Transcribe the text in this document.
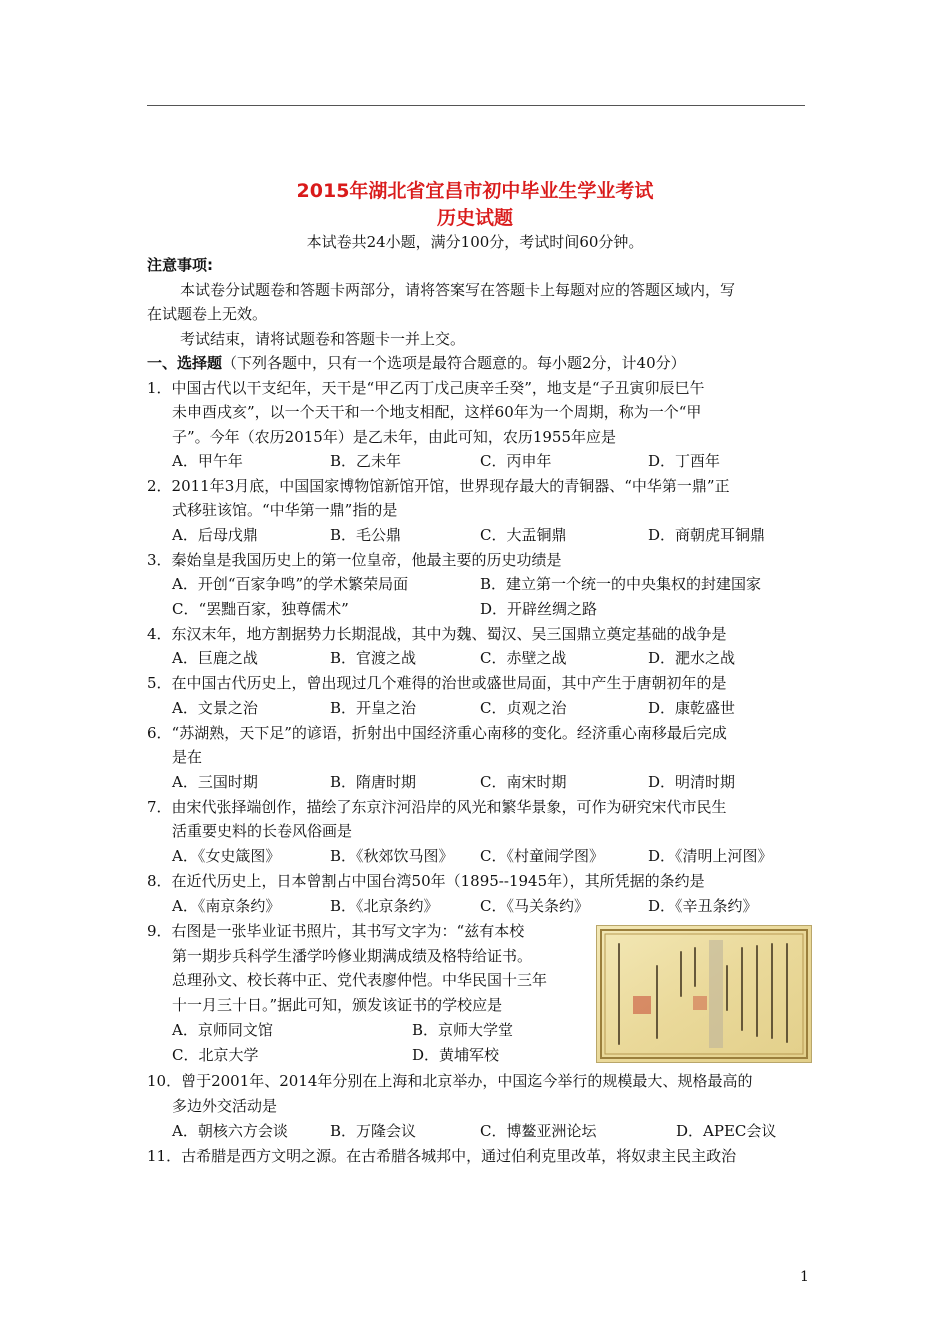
2015年湖北省宜昌市初中毕业生学业考试
历史试题
本试卷共24小题，满分100分，考试时间60分钟。
注意事项:
本试卷分试题卷和答题卡两部分，请将答案写在答题卡上每题对应的答题区域内，写
在试题卷上无效。
考试结束，请将试题卷和答题卡一并上交。
一、选择题（下列各题中，只有一个选项是最符合题意的。每小题2分，计40分）
1．中国古代以干支纪年，天干是“甲乙丙丁戊己庚辛壬癸”，地支是“子丑寅卯辰巳午
未申酉戌亥”，以一个天干和一个地支相配，这样60年为一个周期，称为一个“甲
子”。今年（农历2015年）是乙未年，由此可知，农历1955年应是
A．甲午年	B．乙未年	C．丙申年	D．丁酉年
2．2011年3月底，中国国家博物馆新馆开馆，世界现存最大的青铜器、“中华第一鼎”正
式移驻该馆。“中华第一鼎”指的是
A．后母戊鼎	B．毛公鼎	C．大盂铜鼎	D．商朝虎耳铜鼎
3．秦始皇是我国历史上的第一位皇帝，他最主要的历史功绩是
A．开创“百家争鸣”的学术繁荣局面	B．建立第一个统一的中央集权的封建国家
C．“罢黜百家，独尊儒术”	D．开辟丝绸之路
4．东汉末年，地方割据势力长期混战，其中为魏、蜀汉、吴三国鼎立奠定基础的战争是
A．巨鹿之战	B．官渡之战	C．赤壁之战	D．淝水之战
5．在中国古代历史上，曾出现过几个难得的治世或盛世局面，其中产生于唐朝初年的是
A．文景之治	B．开皇之治	C．贞观之治	D．康乾盛世
6．“苏湖熟，天下足”的谚语，折射出中国经济重心南移的变化。经济重心南移最后完成
是在
A．三国时期	B．隋唐时期	C．南宋时期	D．明清时期
7．由宋代张择端创作，描绘了东京汴河沿岸的风光和繁华景象，可作为研究宋代市民生
活重要史料的长卷风俗画是
A．《女史箴图》	B．《秋郊饮马图》 C．《村童闹学图》	D．《清明上河图》
8．在近代历史上，日本曾割占中国台湾50年（1895--1945年），其所凭据的条约是
A．《南京条约》	B．《北京条约》	C．《马关条约》	D．《辛丑条约》
9．右图是一张毕业证书照片，其书写文字为：“兹有本校
第一期步兵科学生潘学吟修业期满成绩及格特给证书。
总理孙文、校长蒋中正、党代表廖仲恺。中华民国十三年
十一月三十日。”据此可知，颁发该证书的学校应是
A．京师同文馆	B．京师大学堂
C．北京大学	D．黄埔军校
10．曾于2001年、2014年分别在上海和北京举办，中国迄今举行的规模最大、规格最高的
多边外交活动是
A．朝核六方会谈	B．万隆会议	C．博鳌亚洲论坛	D．APEC会议
11．古希腊是西方文明之源。在古希腊各城邦中，通过伯利克里改革，将奴隶主民主政治
1
